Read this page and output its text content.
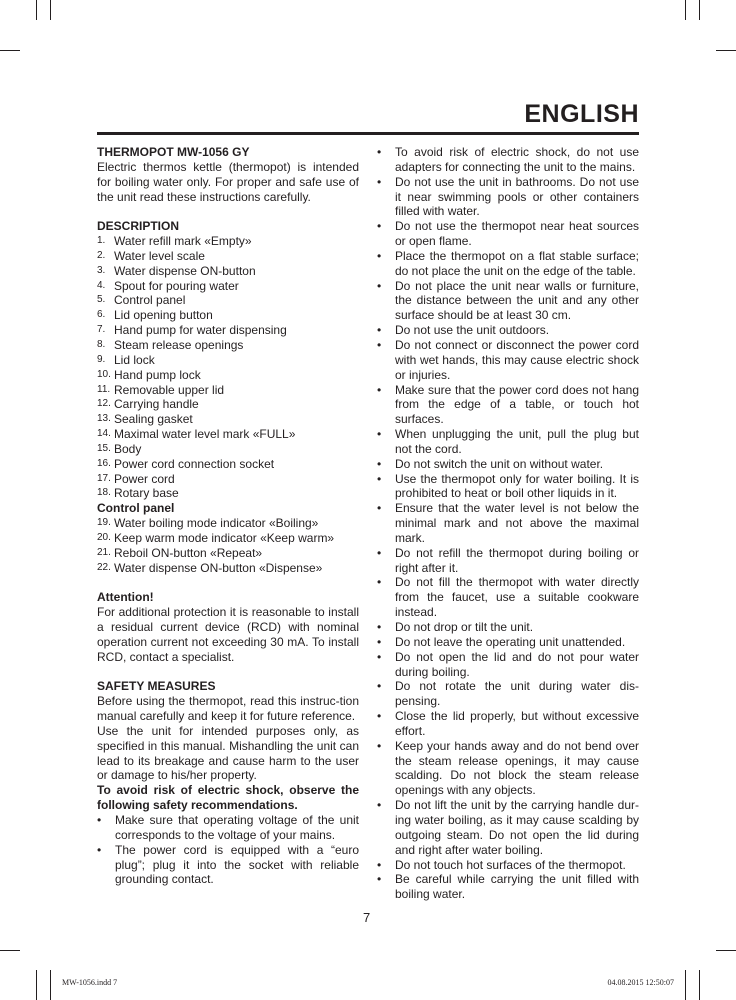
ENGLISH

THERMOPOT MW-1056 GY

Electric thermos kettle (thermopot) is intended for boiling water only. For proper and safe use of the unit read these instructions carefully.

DESCRIPTION

1. Water refill mark «Empty»
2. Water level scale
3. Water dispense ON-button
4. Spout for pouring water
5. Control panel
6. Lid opening button
7. Hand pump for water dispensing
8. Steam release openings
9. Lid lock
10. Hand pump lock
11. Removable upper lid
12. Carrying handle
13. Sealing gasket
14. Maximal water level mark «FULL»
15. Body
16. Power cord connection socket
17. Power cord
18. Rotary base

Control panel

19. Water boiling mode indicator «Boiling»
20. Keep warm mode indicator «Keep warm»
21. Reboil ON-button «Repeat»
22. Water dispense ON-button «Dispense»

Attention!

For additional protection it is reasonable to install a residual current device (RCD) with nominal operation current not exceeding 30 mA. To install RCD, contact a specialist.

SAFETY MEASURES

Before using the thermopot, read this instruc-tion manual carefully and keep it for future reference.

Use the unit for intended purposes only, as specified in this manual. Mishandling the unit can lead to its breakage and cause harm to the user or damage to his/her property.

To avoid risk of electric shock, observe the following safety recommendations.

•	Make sure that operating voltage of the unit corresponds to the voltage of your mains.
•	The power cord is equipped with a “euro plug”; plug it into the socket with reliable grounding contact.
•	To avoid risk of electric shock, do not use adapters for connecting the unit to the mains.
•	Do not use the unit in bathrooms. Do not use it near swimming pools or other containers filled with water.
•	Do not use the thermopot near heat sources or open flame.
•	Place the thermopot on a flat stable surface; do not place the unit on the edge of the table.
•	Do not place the unit near walls or furniture, the distance between the unit and any other surface should be at least 30 cm.
•	Do not use the unit outdoors.
•	Do not connect or disconnect the power cord with wet hands, this may cause electric shock or injuries.
•	Make sure that the power cord does not hang from the edge of a table, or touch hot surfaces.
•	When unplugging the unit, pull the plug but not the cord.
•	Do not switch the unit on without water.
•	Use the thermopot only for water boiling. It is prohibited to heat or boil other liquids in it.
•	Ensure that the water level is not below the minimal mark and not above the maximal mark.
•	Do not refill the thermopot during boiling or right after it.
•	Do not fill the thermopot with water directly from the faucet, use a suitable cookware instead.
•	Do not drop or tilt the unit.
•	Do not leave the operating unit unattended.
•	Do not open the lid and do not pour water during boiling.
•	Do not rotate the unit during water dis-pensing.
•	Close the lid properly, but without excessive effort.
•	Keep your hands away and do not bend over the steam release openings, it may cause scalding. Do not block the steam release openings with any objects.
•	Do not lift the unit by the carrying handle dur-ing water boiling, as it may cause scalding by outgoing steam. Do not open the lid during and right after water boiling.
•	Do not touch hot surfaces of the thermopot.
•	Be careful while carrying the unit filled with boiling water.
7
MW-1056.indd 7	04.08.2015 12:50:07
